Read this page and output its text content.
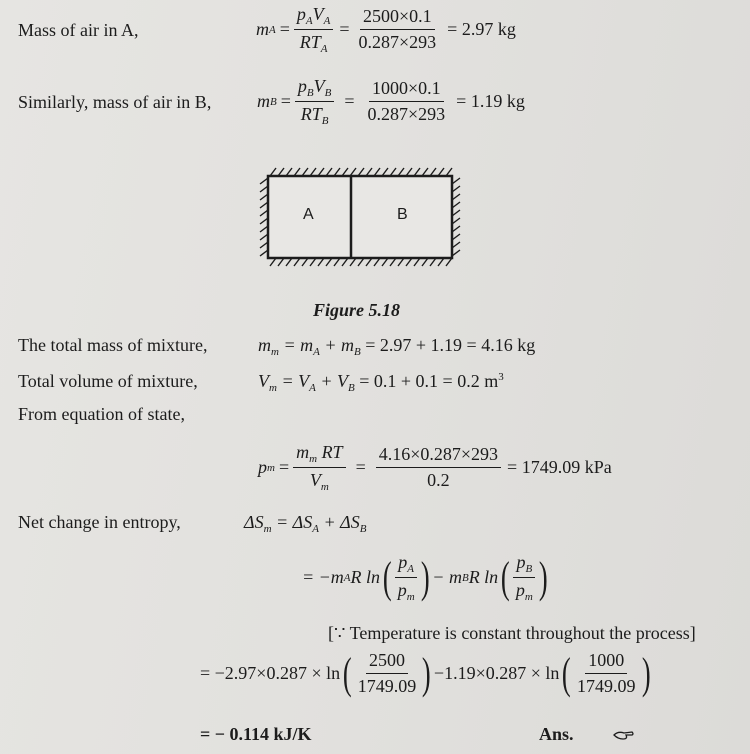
Mass of air in A,	m $A = \frac{p_AV_A}{RT_A} = \frac{2500\times 0.1}{0.287\times 293} = 2.97$ kg
Similarly, mass of air in B,	m $B = \frac{p_BV_B}{RT_B} = \frac{1000\times 0.1}{0.287\times 293} = 1.19$ kg
A	B
Figure 5.18
The total mass of mixture,	$m_m = m_A + m_B = 2.97 + 1.19 = 4.16$ kg
Total volume of mixture,	$V_m = V_A + V_B = 0.1 + 0.1 = 0.2$ $m^3$
From equation of state,
p $m = \frac{m_m RT}{V_m} = \frac{4.16\times 0.287\times 293}{0.2} = 1749.09$ kPa
Net change in entropy,	$\Delta S_m = \Delta S_A + \Delta S_B$
= −m A R ln ( $\frac{p_A}{p_m}$ ) − m B R ln ( $\frac{p_B}{p_m}$ )
[∵ Temperature is constant throughout the process]
= −2.97×0.287 × ln ( $\frac{2500}{1749.09}$ ) −1.19×0.287 × ln ( $\frac{1000}{1749.09}$ )
= − 0.114 kJ/K	Ans.
